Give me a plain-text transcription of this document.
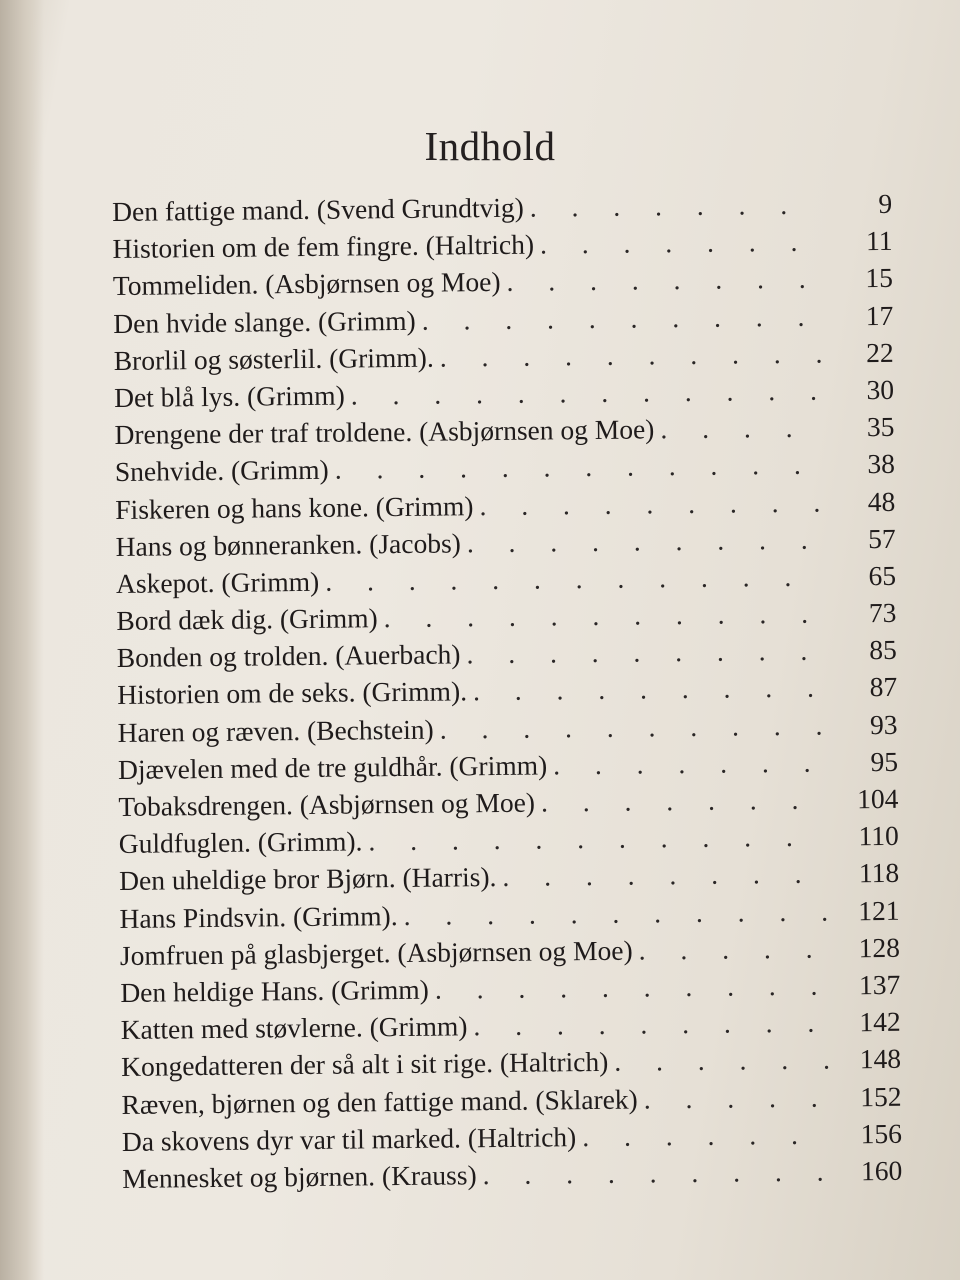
Indhold
Den fattige mand. (Svend Grundtvig) . . .	9
Historien om de fem fingre. (Haltrich) . . .	11
Tommeliden. (Asbjørnsen og Moe) . . .	15
Den hvide slange. (Grimm) . . .	17
Brorlil og søsterlil. (Grimm). . . .	22
Det blå lys. (Grimm) . . .	30
Drengene der traf troldene. (Asbjørnsen og Moe) . . .	35
Snehvide. (Grimm) . . .	38
Fiskeren og hans kone. (Grimm) . . .	48
Hans og bønneranken. (Jacobs) . . .	57
Askepot. (Grimm) . . .	65
Bord dæk dig. (Grimm) . . .	73
Bonden og trolden. (Auerbach) . . .	85
Historien om de seks. (Grimm). . . .	87
Haren og ræven. (Bechstein) . . .	93
Djævelen med de tre guldhår. (Grimm) . . .	95
Tobaksdrengen. (Asbjørnsen og Moe) . . .	104
Guldfuglen. (Grimm). . . .	110
Den uheldige bror Bjørn. (Harris). . . .	118
Hans Pindsvin. (Grimm). . . .	121
Jomfruen på glasbjerget. (Asbjørnsen og Moe) . . .	128
Den heldige Hans. (Grimm) . . .	137
Katten med støvlerne. (Grimm) . . .	142
Kongedatteren der så alt i sit rige. (Haltrich) . . .	148
Ræven, bjørnen og den fattige mand. (Sklarek) . . .	152
Da skovens dyr var til marked. (Haltrich) . . .	156
Mennesket og bjørnen. (Krauss) . . .	160
